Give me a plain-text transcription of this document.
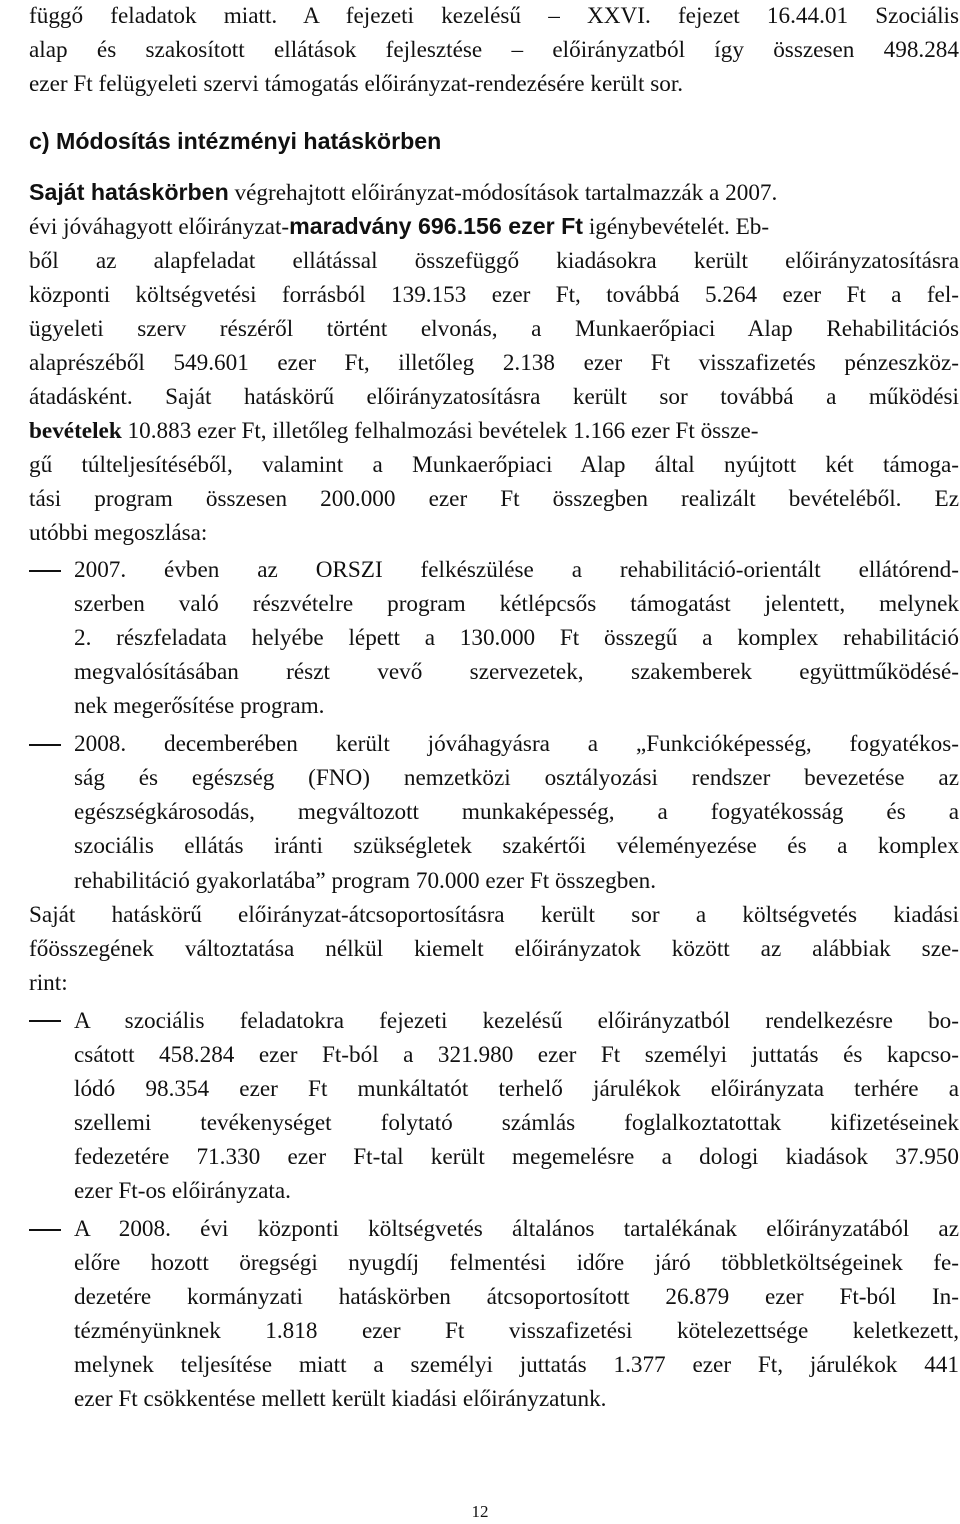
függő feladatok miatt. A fejezeti kezelésű – XXVI. fejezet 16.44.01 Szociális
alap és szakosított ellátások fejlesztése – előirányzatból így összesen 498.284
ezer Ft felügyeleti szervi támogatás előirányzat-rendezésére került sor.
c) Módosítás intézményi hatáskörben
Saját hatáskörben végrehajtott előirányzat-módosítások tartalmazzák a 2007.
évi jóváhagyott előirányzat-maradvány 696.156 ezer Ft igénybevételét. Eb-
ből az alapfeladat ellátással összefüggő kiadásokra került előirányzatosításra
központi költségvetési forrásból 139.153 ezer Ft, továbbá 5.264 ezer Ft a fel-
ügyeleti szerv részéről történt elvonás, a Munkaerőpiaci Alap Rehabilitációs
alaprészéből 549.601 ezer Ft, illetőleg 2.138 ezer Ft visszafizetés pénzeszköz-
átadásként. Saját hatáskörű előirányzatosításra került sor továbbá a működési
bevételek 10.883 ezer Ft, illetőleg felhalmozási bevételek 1.166 ezer Ft össze-
gű túlteljesítéséből, valamint a Munkaerőpiaci Alap által nyújtott két támoga-
tási program összesen 200.000 ezer Ft összegben realizált bevételéből. Ez
utóbbi megoszlása:
2007. évben az ORSZI felkészülése a rehabilitáció-orientált ellátórend-
szerben való részvételre program kétlépcsős támogatást jelentett, melynek
2. részfeladata helyébe lépett a 130.000 Ft összegű a komplex rehabilitáció
megvalósításában részt vevő szervezetek, szakemberek együttműködésé-
nek megerősítése program.
2008. decemberében került jóváhagyásra a „Funkcióképesség, fogyatékos-
ság és egészség (FNO) nemzetközi osztályozási rendszer bevezetése az
egészségkárosodás, megváltozott munkaképesség, a fogyatékosság és a
szociális ellátás iránti szükségletek szakértői véleményezése és a komplex
rehabilitáció gyakorlatába” program 70.000 ezer Ft összegben.
Saját hatáskörű előirányzat-átcsoportosításra került sor a költségvetés kiadási
főösszegének változtatása nélkül kiemelt előirányzatok között az alábbiak sze-
rint:
A szociális feladatokra fejezeti kezelésű előirányzatból rendelkezésre bo-
csátott 458.284 ezer Ft-ból a 321.980 ezer Ft személyi juttatás és kapcso-
lódó 98.354 ezer Ft munkáltatót terhelő járulékok előirányzata terhére a
szellemi tevékenységet folytató számlás foglalkoztatottak kifizetéseinek
fedezetére 71.330 ezer Ft-tal került megemelésre a dologi kiadások 37.950
ezer Ft-os előirányzata.
A 2008. évi központi költségvetés általános tartalékának előirányzatából az
előre hozott öregségi nyugdíj felmentési időre járó többletköltségeinek fe-
dezetére kormányzati hatáskörben átcsoportosított 26.879 ezer Ft-ból In-
tézményünknek 1.818 ezer Ft visszafizetési kötelezettsége keletkezett,
melynek teljesítése miatt a személyi juttatás 1.377 ezer Ft, járulékok 441
ezer Ft csökkentése mellett került kiadási előirányzatunk.
12
